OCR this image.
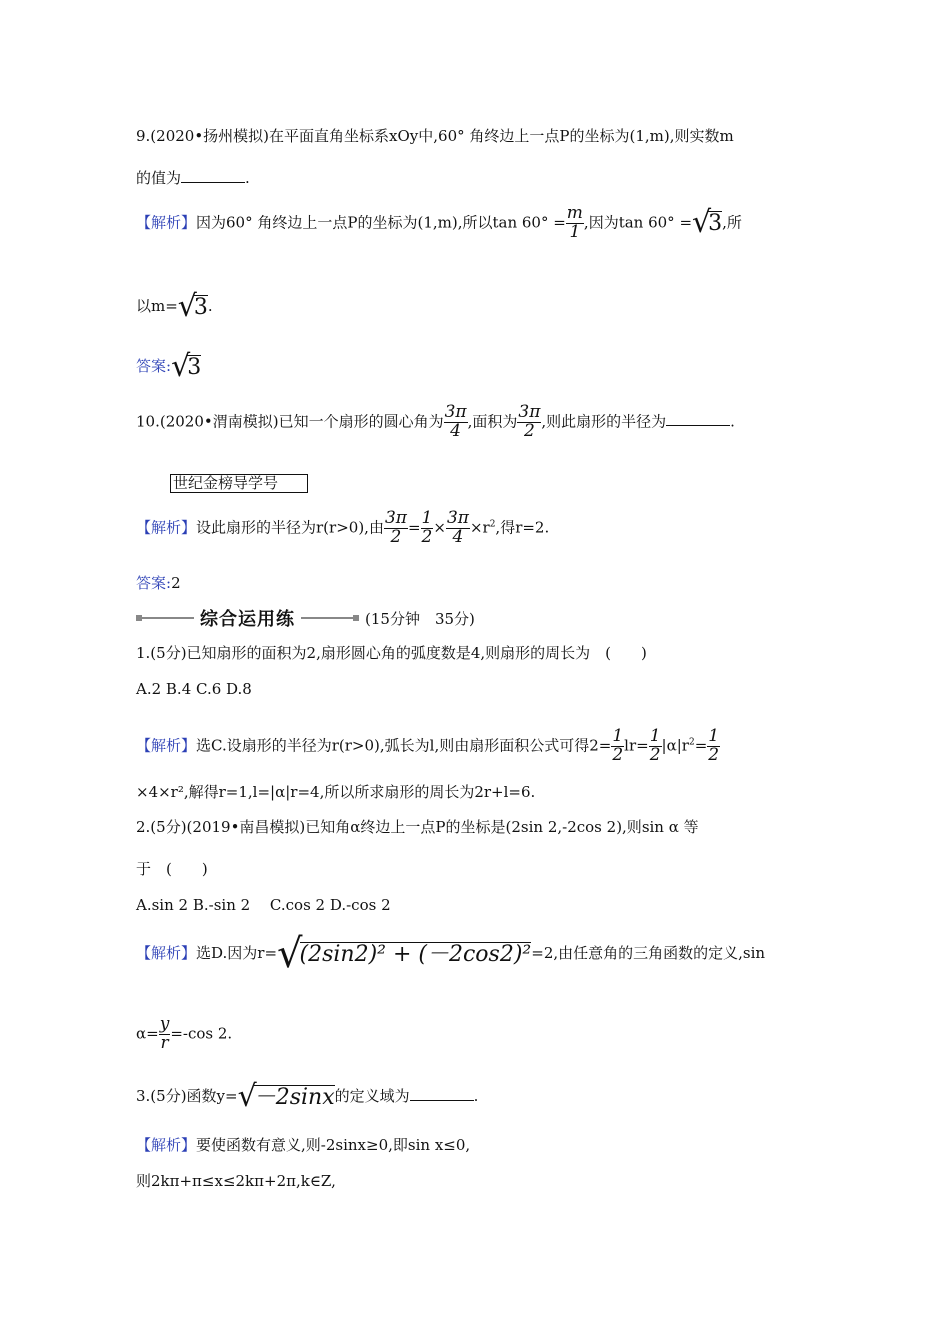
9.(2020•扬州模拟)在平面直角坐标系xOy中,60° 角终边上一点P的坐标为(1,m),则实数m
的值为	.
【解析】因为60° 角终边上一点P的坐标为(1,m),所以$\tan 60^\circ = \frac{m}{1}$ ,因为tan 60° =√3,所
以m=√3.
答案:√3
10.(2020•渭南模拟)已知一个扇形的圆心角为 $\frac{3\pi}{4}$ ,面积为 $\frac{3\pi}{2}$ ,则此扇形的半径为	.
世纪金榜导学号
【解析】设此扇形的半径为r(r>0),由 $\frac{3\pi}{2} = \frac{1}{2} \times \frac{3\pi}{4} \times r^2$,得r=2.
答案:2
综合运用练	(15分钟　35分)
1.(5分)已知扇形的面积为2,扇形圆心角的弧度数是4,则扇形的周长为　(　　)
A.2 B.4 C.6 D.8
【解析】选C.设扇形的半径为r(r>0),弧长为l,则由扇形面积公式可得$2= \frac{1}{2} lr= \frac{1}{2} |\alpha|r^2= \frac{1}{2}$
×4×r²,解得r=1,l=|α|r=4,所以所求扇形的周长为2r+l=6.
2.(5分)(2019•南昌模拟)已知角α终边上一点P的坐标是(2sin 2,-2cos 2),则sin α 等
于　(　　)
A.sin 2 B.-sin 2　 C.cos 2 D.-cos 2
【解析】选D.因为r=√(2sin2)² + (－2cos2)²=2,由任意角的三角函数的定义,sin
$\alpha= \frac{y}{r} =-\cos$ 2.
3.(5分)函数y=√－2sinx的定义域为	.
【解析】要使函数有意义,则-2sinx≥0,即sin x≤0,
则2kπ+π≤x≤2kπ+2π,k∈Z,
